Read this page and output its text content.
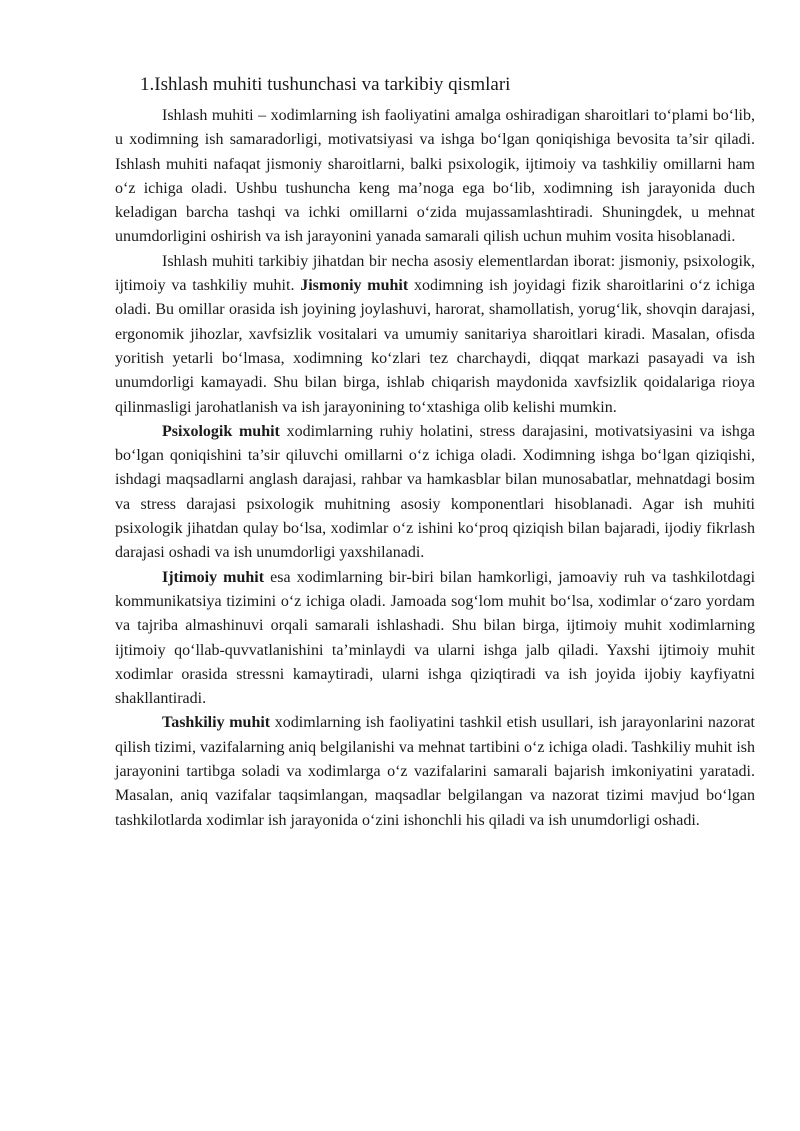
1.Ishlash muhiti tushunchasi va tarkibiy qismlari

Ishlash muhiti – xodimlarning ish faoliyatini amalga oshiradigan sharoitlari to‘plami bo‘lib, u xodimning ish samaradorligi, motivatsiyasi va ishga bo‘lgan qoniqishiga bevosita ta’sir qiladi. Ishlash muhiti nafaqat jismoniy sharoitlarni, balki psixologik, ijtimoiy va tashkiliy omillarni ham o‘z ichiga oladi. Ushbu tushuncha keng ma’noga ega bo‘lib, xodimning ish jarayonida duch keladigan barcha tashqi va ichki omillarni o‘zida mujassamlashtiradi. Shuningdek, u mehnat unumdorligini oshirish va ish jarayonini yanada samarali qilish uchun muhim vosita hisoblanadi.

Ishlash muhiti tarkibiy jihatdan bir necha asosiy elementlardan iborat: jismoniy, psixologik, ijtimoiy va tashkiliy muhit. Jismoniy muhit xodimning ish joyidagi fizik sharoitlarini o‘z ichiga oladi. Bu omillar orasida ish joyining joylashuvi, harorat, shamollatish, yorug‘lik, shovqin darajasi, ergonomik jihozlar, xavfsizlik vositalari va umumiy sanitariya sharoitlari kiradi. Masalan, ofisda yoritish yetarli bo‘lmasa, xodimning ko‘zlari tez charchaydi, diqqat markazi pasayadi va ish unumdorligi kamayadi. Shu bilan birga, ishlab chiqarish maydonida xavfsizlik qoidalariga rioya qilinmasligi jarohatlanish va ish jarayonining to‘xtashiga olib kelishi mumkin.

Psixologik muhit xodimlarning ruhiy holatini, stress darajasini, motivatsiyasini va ishga bo‘lgan qoniqishini ta’sir qiluvchi omillarni o‘z ichiga oladi. Xodimning ishga bo‘lgan qiziqishi, ishdagi maqsadlarni anglash darajasi, rahbar va hamkasblar bilan munosabatlar, mehnatdagi bosim va stress darajasi psixologik muhitning asosiy komponentlari hisoblanadi. Agar ish muhiti psixologik jihatdan qulay bo‘lsa, xodimlar o‘z ishini ko‘proq qiziqish bilan bajaradi, ijodiy fikrlash darajasi oshadi va ish unumdorligi yaxshilanadi.

Ijtimoiy muhit esa xodimlarning bir-biri bilan hamkorligi, jamoaviy ruh va tashkilotdagi kommunikatsiya tizimini o‘z ichiga oladi. Jamoada sog‘lom muhit bo‘lsa, xodimlar o‘zaro yordam va tajriba almashinuvi orqali samarali ishlashadi. Shu bilan birga, ijtimoiy muhit xodimlarning ijtimoiy qo‘llab-quvvatlanishini ta’minlaydi va ularni ishga jalb qiladi. Yaxshi ijtimoiy muhit xodimlar orasida stressni kamaytiradi, ularni ishga qiziqtiradi va ish joyida ijobiy kayfiyatni shakllantiradi.

Tashkiliy muhit xodimlarning ish faoliyatini tashkil etish usullari, ish jarayonlarini nazorat qilish tizimi, vazifalarning aniq belgilanishi va mehnat tartibini o‘z ichiga oladi. Tashkiliy muhit ish jarayonini tartibga soladi va xodimlarga o‘z vazifalarini samarali bajarish imkoniyatini yaratadi. Masalan, aniq vazifalar taqsimlangan, maqsadlar belgilangan va nazorat tizimi mavjud bo‘lgan tashkilotlarda xodimlar ish jarayonida o‘zini ishonchli his qiladi va ish unumdorligi oshadi.
